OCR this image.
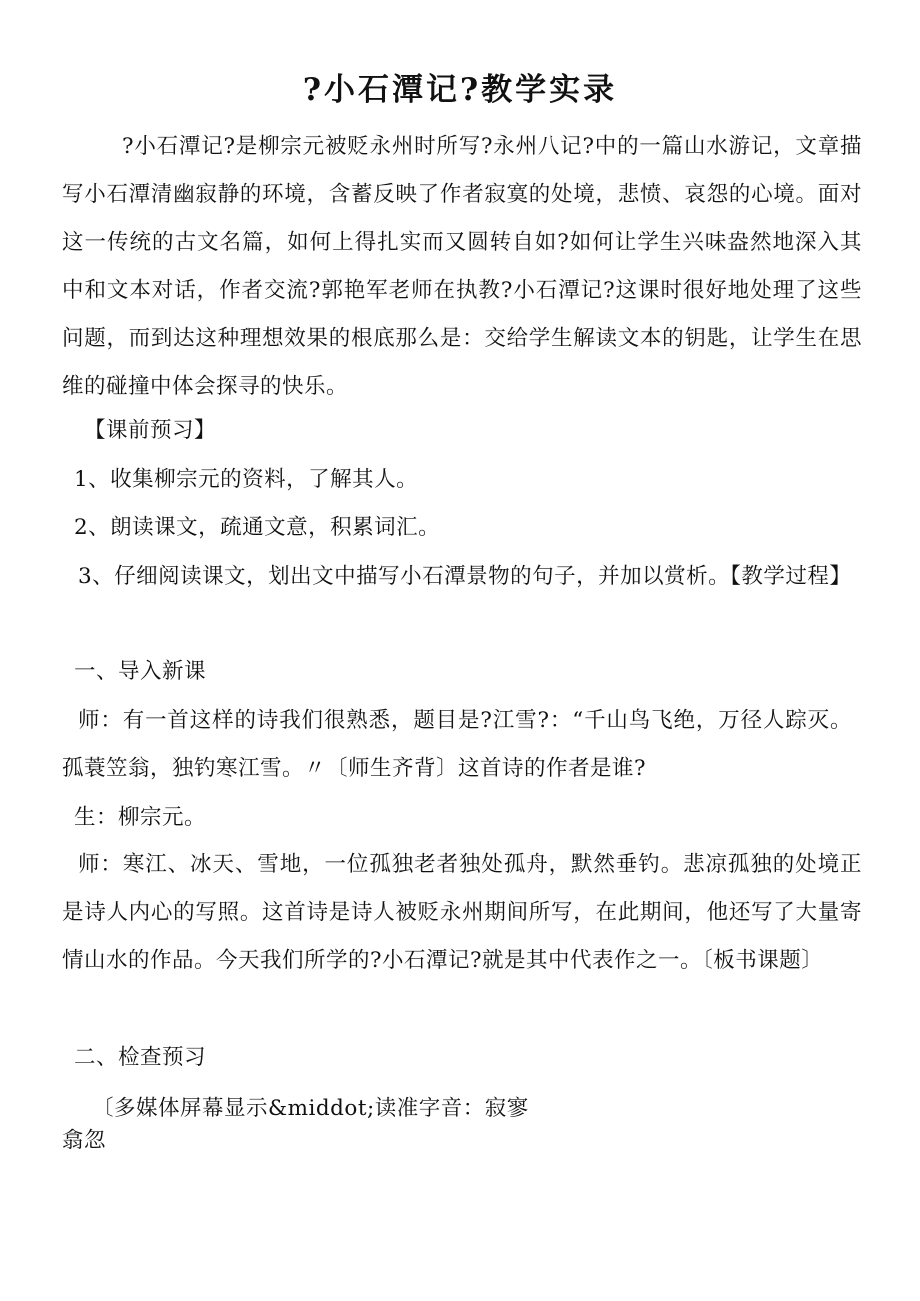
?小石潭记?教学实录
?小石潭记?是柳宗元被贬永州时所写?永州八记?中的一篇山水游记，文章描写小石潭清幽寂静的环境，含蓄反映了作者寂寞的处境，悲愤、哀怨的心境。面对这一传统的古文名篇，如何上得扎实而又圆转自如?如何让学生兴味盎然地深入其中和文本对话，作者交流?郭艳军老师在执教?小石潭记?这课时很好地处理了这些问题，而到达这种理想效果的根底那么是：交给学生解读文本的钥匙，让学生在思维的碰撞中体会探寻的快乐。
【课前预习】
1、收集柳宗元的资料，了解其人。
2、朗读课文，疏通文意，积累词汇。
3、仔细阅读课文，划出文中描写小石潭景物的句子，并加以赏析。【教学过程】
一、导入新课
师：有一首这样的诗我们很熟悉，题目是?江雪?：“千山鸟飞绝，万径人踪灭。孤蓑笠翁，独钓寒江雪。〃〔师生齐背〕这首诗的作者是谁?
生：柳宗元。
师：寒江、冰天、雪地，一位孤独老者独处孤舟，默然垂钓。悲凉孤独的处境正是诗人内心的写照。这首诗是诗人被贬永州期间所写，在此期间，他还写了大量寄情山水的作品。今天我们所学的?小石潭记?就是其中代表作之一。〔板书课题〕
二、检查预习
〔多媒体屏幕显示&middot;读准字音：寂寥
翕忽
